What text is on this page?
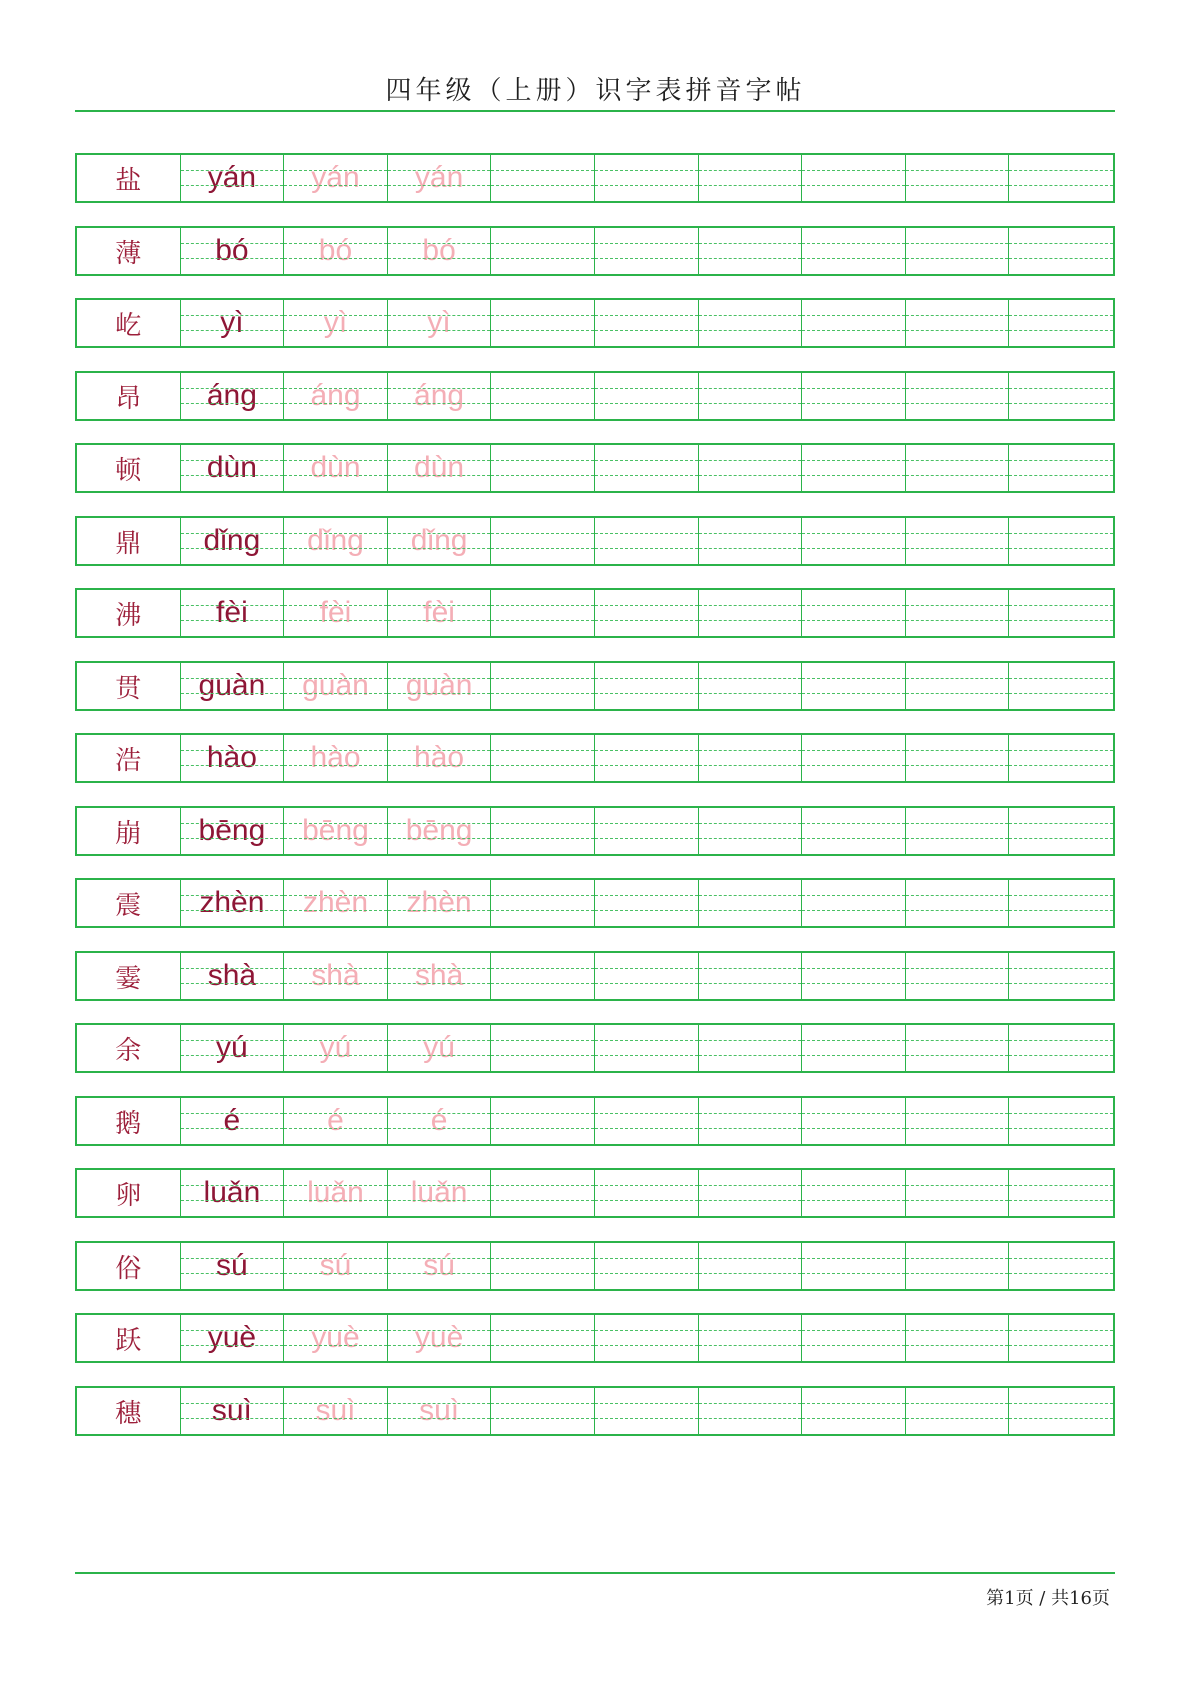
四年级（上册）识字表拼音字帖
盐	yán	yán	yán
薄	bó	bó	bó
屹	yì	yì	yì
昂	áng	áng	áng
顿	dùn	dùn	dùn
鼎	dǐng	dǐng	dǐng
沸	fèi	fèi	fèi
贯	guàn	guàn	guàn
浩	hào	hào	hào
崩	bēng	bēng	bēng
震	zhèn	zhèn	zhèn
霎	shà	shà	shà
余	yú	yú	yú
鹅	é	é	é
卵	luǎn	luǎn	luǎn
俗	sú	sú	sú
跃	yuè	yuè	yuè
穗	suì	suì	suì
第1页 / 共16页
